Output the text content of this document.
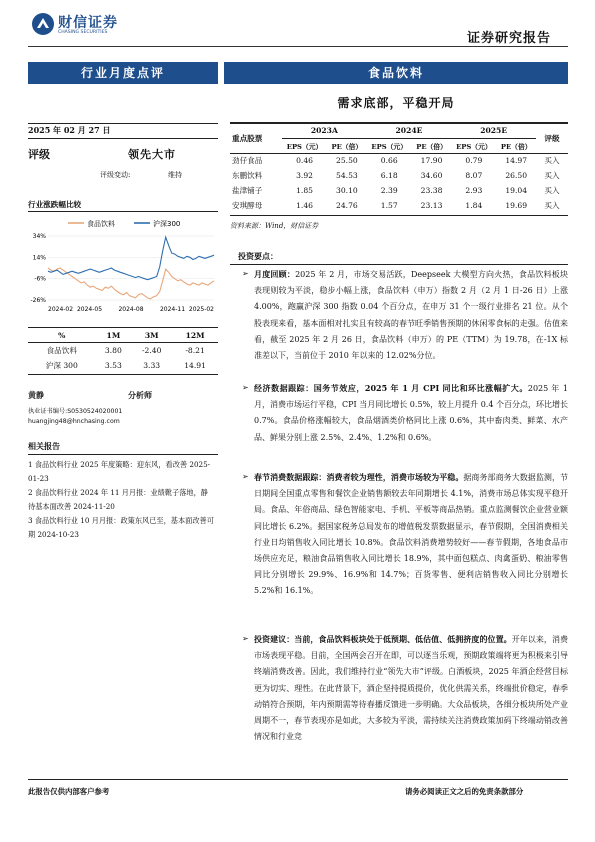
财信证券
CHASING SECURITIES	证券研究报告
行业月度点评	食品饮料
需求底部，平稳开局
2025 年 02 月 27 日
评级	领先大市
评级变动:	维持
行业涨跌幅比较
食品饮料	沪深300
34%
14%
-6%
-26%
2024-02 2024-05	2024-08	2024-11 2025-02
%	1M	3M	12M
食品饮料	3.80	-2.40	-8.21
沪深 300	3.53	3.33	14.91
黄静	分析师
执业证书编号:S0530524020001
huangjing48@hnchasing.com
相关报告
1 食品饮料行业 2025 年度策略：迎东风，看改善 2025-01-23
2 食品饮料行业 2024 年 11 月月报：业绩靴子落地，静待基本面改善 2024-11-20
3 食品饮料行业 10 月月报：政策东风已至，基本面改善可期 2024-10-23
重点股票	2023A		2024E		2025E		评级
	EPS（元）	PE（倍）	EPS（元）	PE（倍）	EPS（元）	PE（倍）	
劲仔食品	0.46	25.50	0.66	17.90	0.79	14.97	买入
东鹏饮料	3.92	54.53	6.18	34.60	8.07	26.50	买入
盐津铺子	1.85	30.10	2.39	23.38	2.93	19.04	买入
安琪酵母	1.46	24.76	1.57	23.13	1.84	19.69	买入
资料来源：Wind，财信证券
投资要点：
➢ 月度回顾：2025 年 2 月，市场交易活跃，Deepseek 大模型方向火热，食品饮料板块表现则较为平淡，稳步小幅上涨，食品饮料（申万）指数 2 月（2 月 1 日-26 日）上涨 4.00%，跑赢沪深 300 指数 0.04 个百分点，在申万 31 个一级行业排名 21 位。从个股表现来看，基本面相对扎实且有较高的春节旺季销售预期的休闲零食标的走强。估值来看，截至 2025 年 2 月 26 日，食品饮料（申万）的 PE（TTM）为 19.78，在-1X 标准差以下，当前位于 2010 年以来的 12.02%分位。
➢ 经济数据跟踪：国务节效应，2025 年 1 月 CPI 同比和环比涨幅扩大。2025 年 1 月，消费市场运行平稳，CPI 当月同比增长 0.5%，较上月提升 0.4 个百分点，环比增长 0.7%。食品价格涨幅较大，食品烟酒类价格同比上涨 0.6%，其中畜肉类、鲜菜、水产品、鲜果分别上涨 2.5%、2.4%、1.2%和 0.6%。
➢ 春节消费数据跟踪：消费者较为理性，消费市场较为平稳。据商务部商务大数据监测，节日期间全国重点零售和餐饮企业销售额较去年同期增长 4.1%，消费市场总体实现平稳开局。食品、年俗商品、绿色智能家电、手机、平板等商品热销。重点监测餐饮企业营业额同比增长 6.2%。据国家税务总局发布的增值税发票数据显示，春节假期，全国消费相关行业日均销售收入同比增长 10.8%。食品饮料消费增势较好——春节假期，各地食品市场供应充足，粮油食品销售收入同比增长 18.9%，其中面包糕点、肉禽蛋奶、粮油零售同比分别增长 29.9%、16.9%和 14.7%；百货零售、便利店销售收入同比分别增长 5.2%和 16.1%。
➢ 投资建议：当前，食品饮料板块处于低预期、低估值、低拥挤度的位置。开年以来，消费市场表现平稳。目前，全国两会召开在即，可以逐当乐观，预期政策端将更为积极来引导终端消费改善。因此，我们维持行业“领先大市”评级。白酒板块，2025 年酒企经营目标更为切实、理性。在此背景下，酒企坚持提质提价，优化供需关系，终端批价稳定，春季动销符合预期，年内预期需等待春播反馈进一步明确。大众品板块，各细分板块所处产业周期不一，春节表现亦是如此，大多较为平淡，需持续关注消费政策加码下终端动销改善情况和行业竞
此报告仅供内部客户参考	请务必阅读正文之后的免责条款部分
